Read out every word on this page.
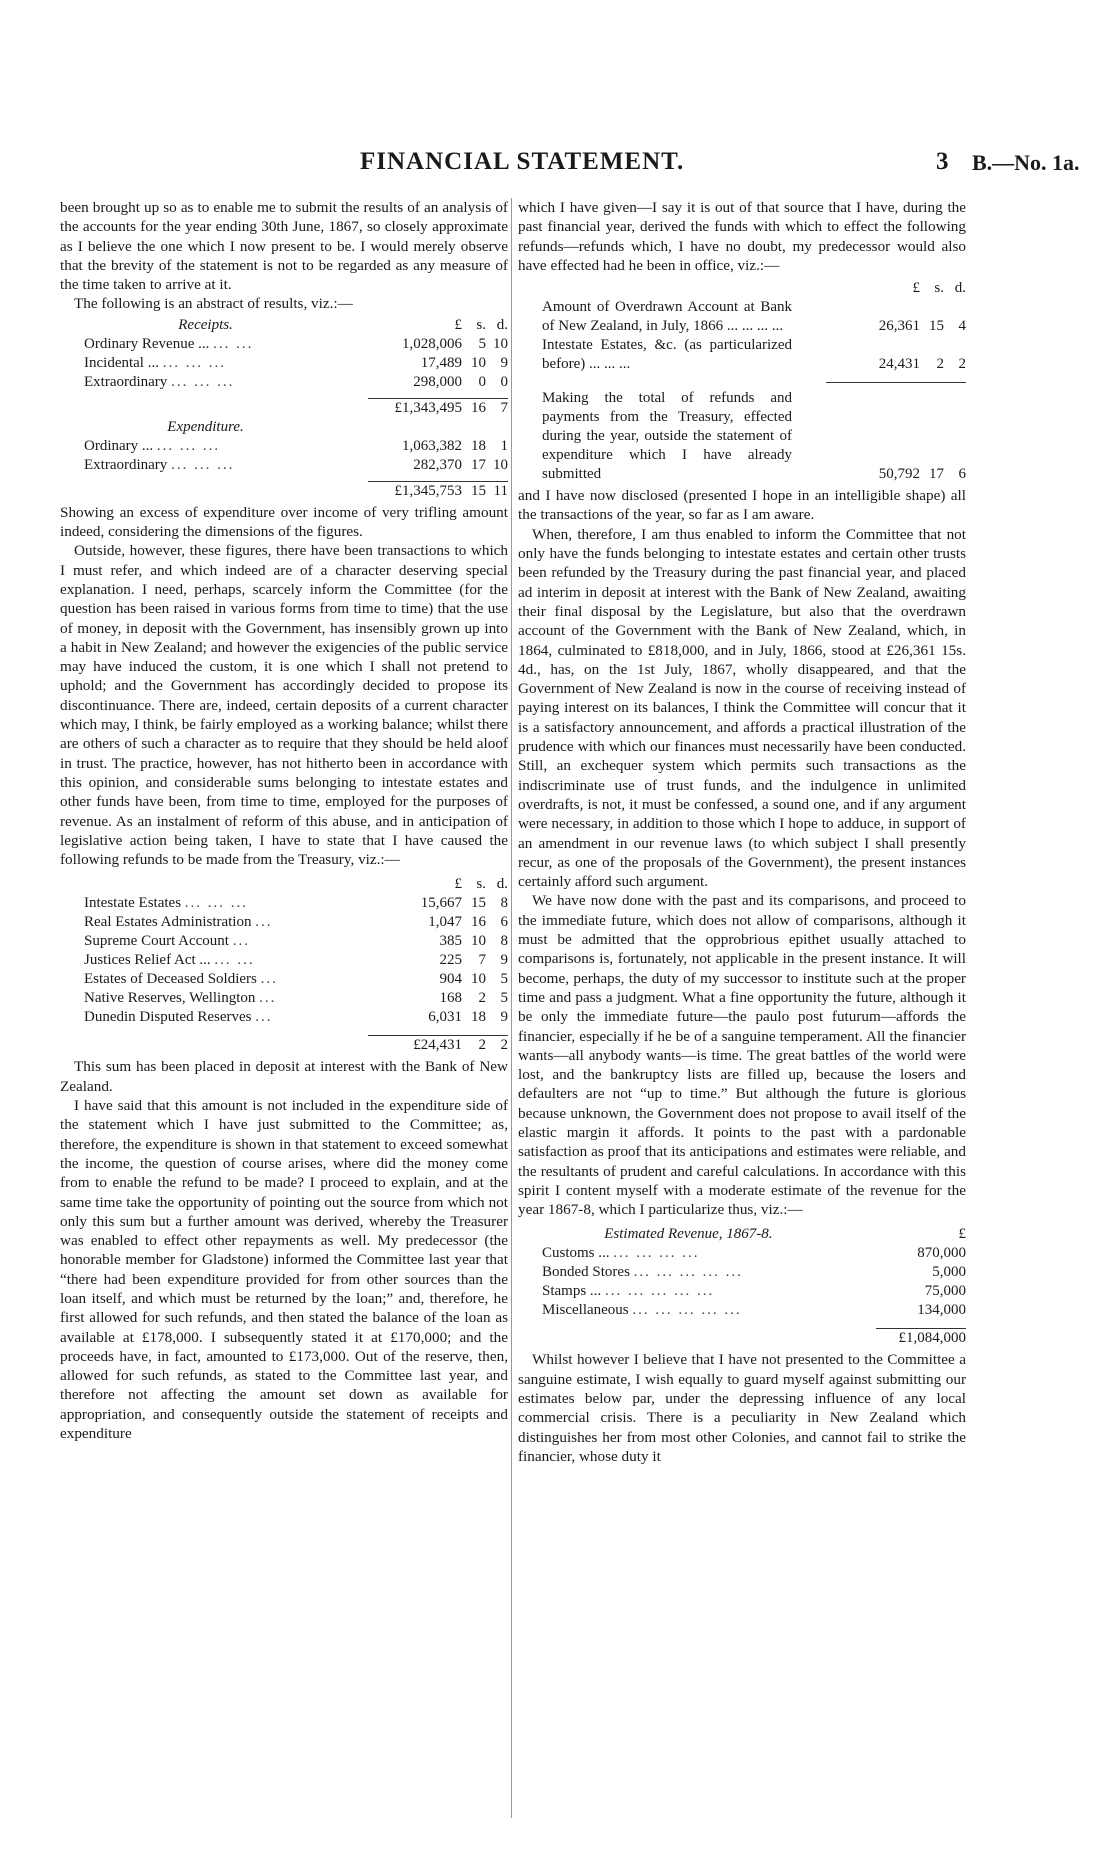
FINANCIAL STATEMENT.	3 B.—No. 1a.

been brought up so as to enable me to submit the results of an analysis of the accounts for the year ending 30th June, 1867, so closely approximate as I believe the one which I now present to be. I would merely observe that the brevity of the statement is not to be regarded as any measure of the time taken to arrive at it.

The following is an abstract of results, viz.:—

Receipts.	£	s.	d.
Ordinary Revenue ... ... ...	1,028,006	5	10
Incidental ... ... ... ...	17,489	10	9
Extraordinary ... ... ...	298,000	0	0

	£1,343,495	16	7
Expenditure.			
Ordinary ... ... ... ...	1,063,382	18	1
Extraordinary ... ... ...	282,370	17	10

	£1,345,753	15	11

Showing an excess of expenditure over income of very trifling amount indeed, considering the dimensions of the figures.

Outside, however, these figures, there have been transactions to which I must refer, and which indeed are of a character deserving special explanation. I need, perhaps, scarcely inform the Committee (for the question has been raised in various forms from time to time) that the use of money, in deposit with the Government, has insensibly grown up into a habit in New Zealand; and however the exigencies of the public service may have induced the custom, it is one which I shall not pretend to uphold; and the Government has accordingly decided to propose its discontinuance. There are, indeed, certain deposits of a current character which may, I think, be fairly employed as a working balance; whilst there are others of such a character as to require that they should be held aloof in trust. The practice, however, has not hitherto been in accordance with this opinion, and considerable sums belonging to intestate estates and other funds have been, from time to time, employed for the purposes of revenue. As an instalment of reform of this abuse, and in anticipation of legislative action being taken, I have to state that I have caused the following refunds to be made from the Treasury, viz.:—

	£	s.	d.
Intestate Estates ... ... ...	15,667	15	8
Real Estates Administration ...	1,047	16	6
Supreme Court Account ...	385	10	8
Justices Relief Act ... ... ...	225	7	9
Estates of Deceased Soldiers ...	904	10	5
Native Reserves, Wellington ...	168	2	5
Dunedin Disputed Reserves ...	6,031	18	9

	£24,431	2	2

This sum has been placed in deposit at interest with the Bank of New Zealand.

I have said that this amount is not included in the expenditure side of the statement which I have just submitted to the Committee; as, therefore, the expenditure is shown in that statement to exceed somewhat the income, the question of course arises, where did the money come from to enable the refund to be made? I proceed to explain, and at the same time take the opportunity of pointing out the source from which not only this sum but a further amount was derived, whereby the Treasurer was enabled to effect other repayments as well. My predecessor (the honorable member for Gladstone) informed the Committee last year that “there had been expenditure provided for from other sources than the loan itself, and which must be returned by the loan;” and, therefore, he first allowed for such refunds, and then stated the balance of the loan as available at £178,000. I subsequently stated it at £170,000; and the proceeds have, in fact, amounted to £173,000. Out of the reserve, then, allowed for such refunds, as stated to the Committee last year, and therefore not affecting the amount set down as available for appropriation, and consequently outside the statement of receipts and expenditure

which I have given—I say it is out of that source that I have, during the past financial year, derived the funds with which to effect the following refunds—refunds which, I have no doubt, my predecessor would also have effected had he been in office, viz.:—

	£	s.	d.
Amount of Overdrawn Account at Bank of New Zealand, in July, 1866 ... ... ... ...	26,361	15	4
Intestate Estates, &c. (as particularized before) ... ... ...	24,431	2	2

Making the total of refunds and payments from the Treasury, effected during the year, outside the statement of expenditure which I have already submitted	50,792	17	6

and I have now disclosed (presented I hope in an intelligible shape) all the transactions of the year, so far as I am aware.

When, therefore, I am thus enabled to inform the Committee that not only have the funds belonging to intestate estates and certain other trusts been refunded by the Treasury during the past financial year, and placed ad interim in deposit at interest with the Bank of New Zealand, awaiting their final disposal by the Legislature, but also that the overdrawn account of the Government with the Bank of New Zealand, which, in 1864, culminated to £818,000, and in July, 1866, stood at £26,361 15s. 4d., has, on the 1st July, 1867, wholly disappeared, and that the Government of New Zealand is now in the course of receiving instead of paying interest on its balances, I think the Committee will concur that it is a satisfactory announcement, and affords a practical illustration of the prudence with which our finances must necessarily have been conducted. Still, an exchequer system which permits such transactions as the indiscriminate use of trust funds, and the indulgence in unlimited overdrafts, is not, it must be confessed, a sound one, and if any argument were necessary, in addition to those which I hope to adduce, in support of an amendment in our revenue laws (to which subject I shall presently recur, as one of the proposals of the Government), the present instances certainly afford such argument.

We have now done with the past and its comparisons, and proceed to the immediate future, which does not allow of comparisons, although it must be admitted that the opprobrious epithet usually attached to comparisons is, fortunately, not applicable in the present instance. It will become, perhaps, the duty of my successor to institute such at the proper time and pass a judgment. What a fine opportunity the future, although it be only the immediate future—the paulo post futurum—affords the financier, especially if he be of a sanguine temperament. All the financier wants—all anybody wants—is time. The great battles of the world were lost, and the bankruptcy lists are filled up, because the losers and defaulters are not “up to time.” But although the future is glorious because unknown, the Government does not propose to avail itself of the elastic margin it affords. It points to the past with a pardonable satisfaction as proof that its anticipations and estimates were reliable, and the resultants of prudent and careful calculations. In accordance with this spirit I content myself with a moderate estimate of the revenue for the year 1867-8, which I particularize thus, viz.:—

Estimated Revenue, 1867-8.	£
Customs ... ... ... ... ...	870,000
Bonded Stores ... ... ... ... ...	5,000
Stamps ... ... ... ... ... ...	75,000
Miscellaneous ... ... ... ... ...	134,000

	£1,084,000

Whilst however I believe that I have not presented to the Committee a sanguine estimate, I wish equally to guard myself against submitting our estimates below par, under the depressing influence of any local commercial crisis. There is a peculiarity in New Zealand which distinguishes her from most other Colonies, and cannot fail to strike the financier, whose duty it
